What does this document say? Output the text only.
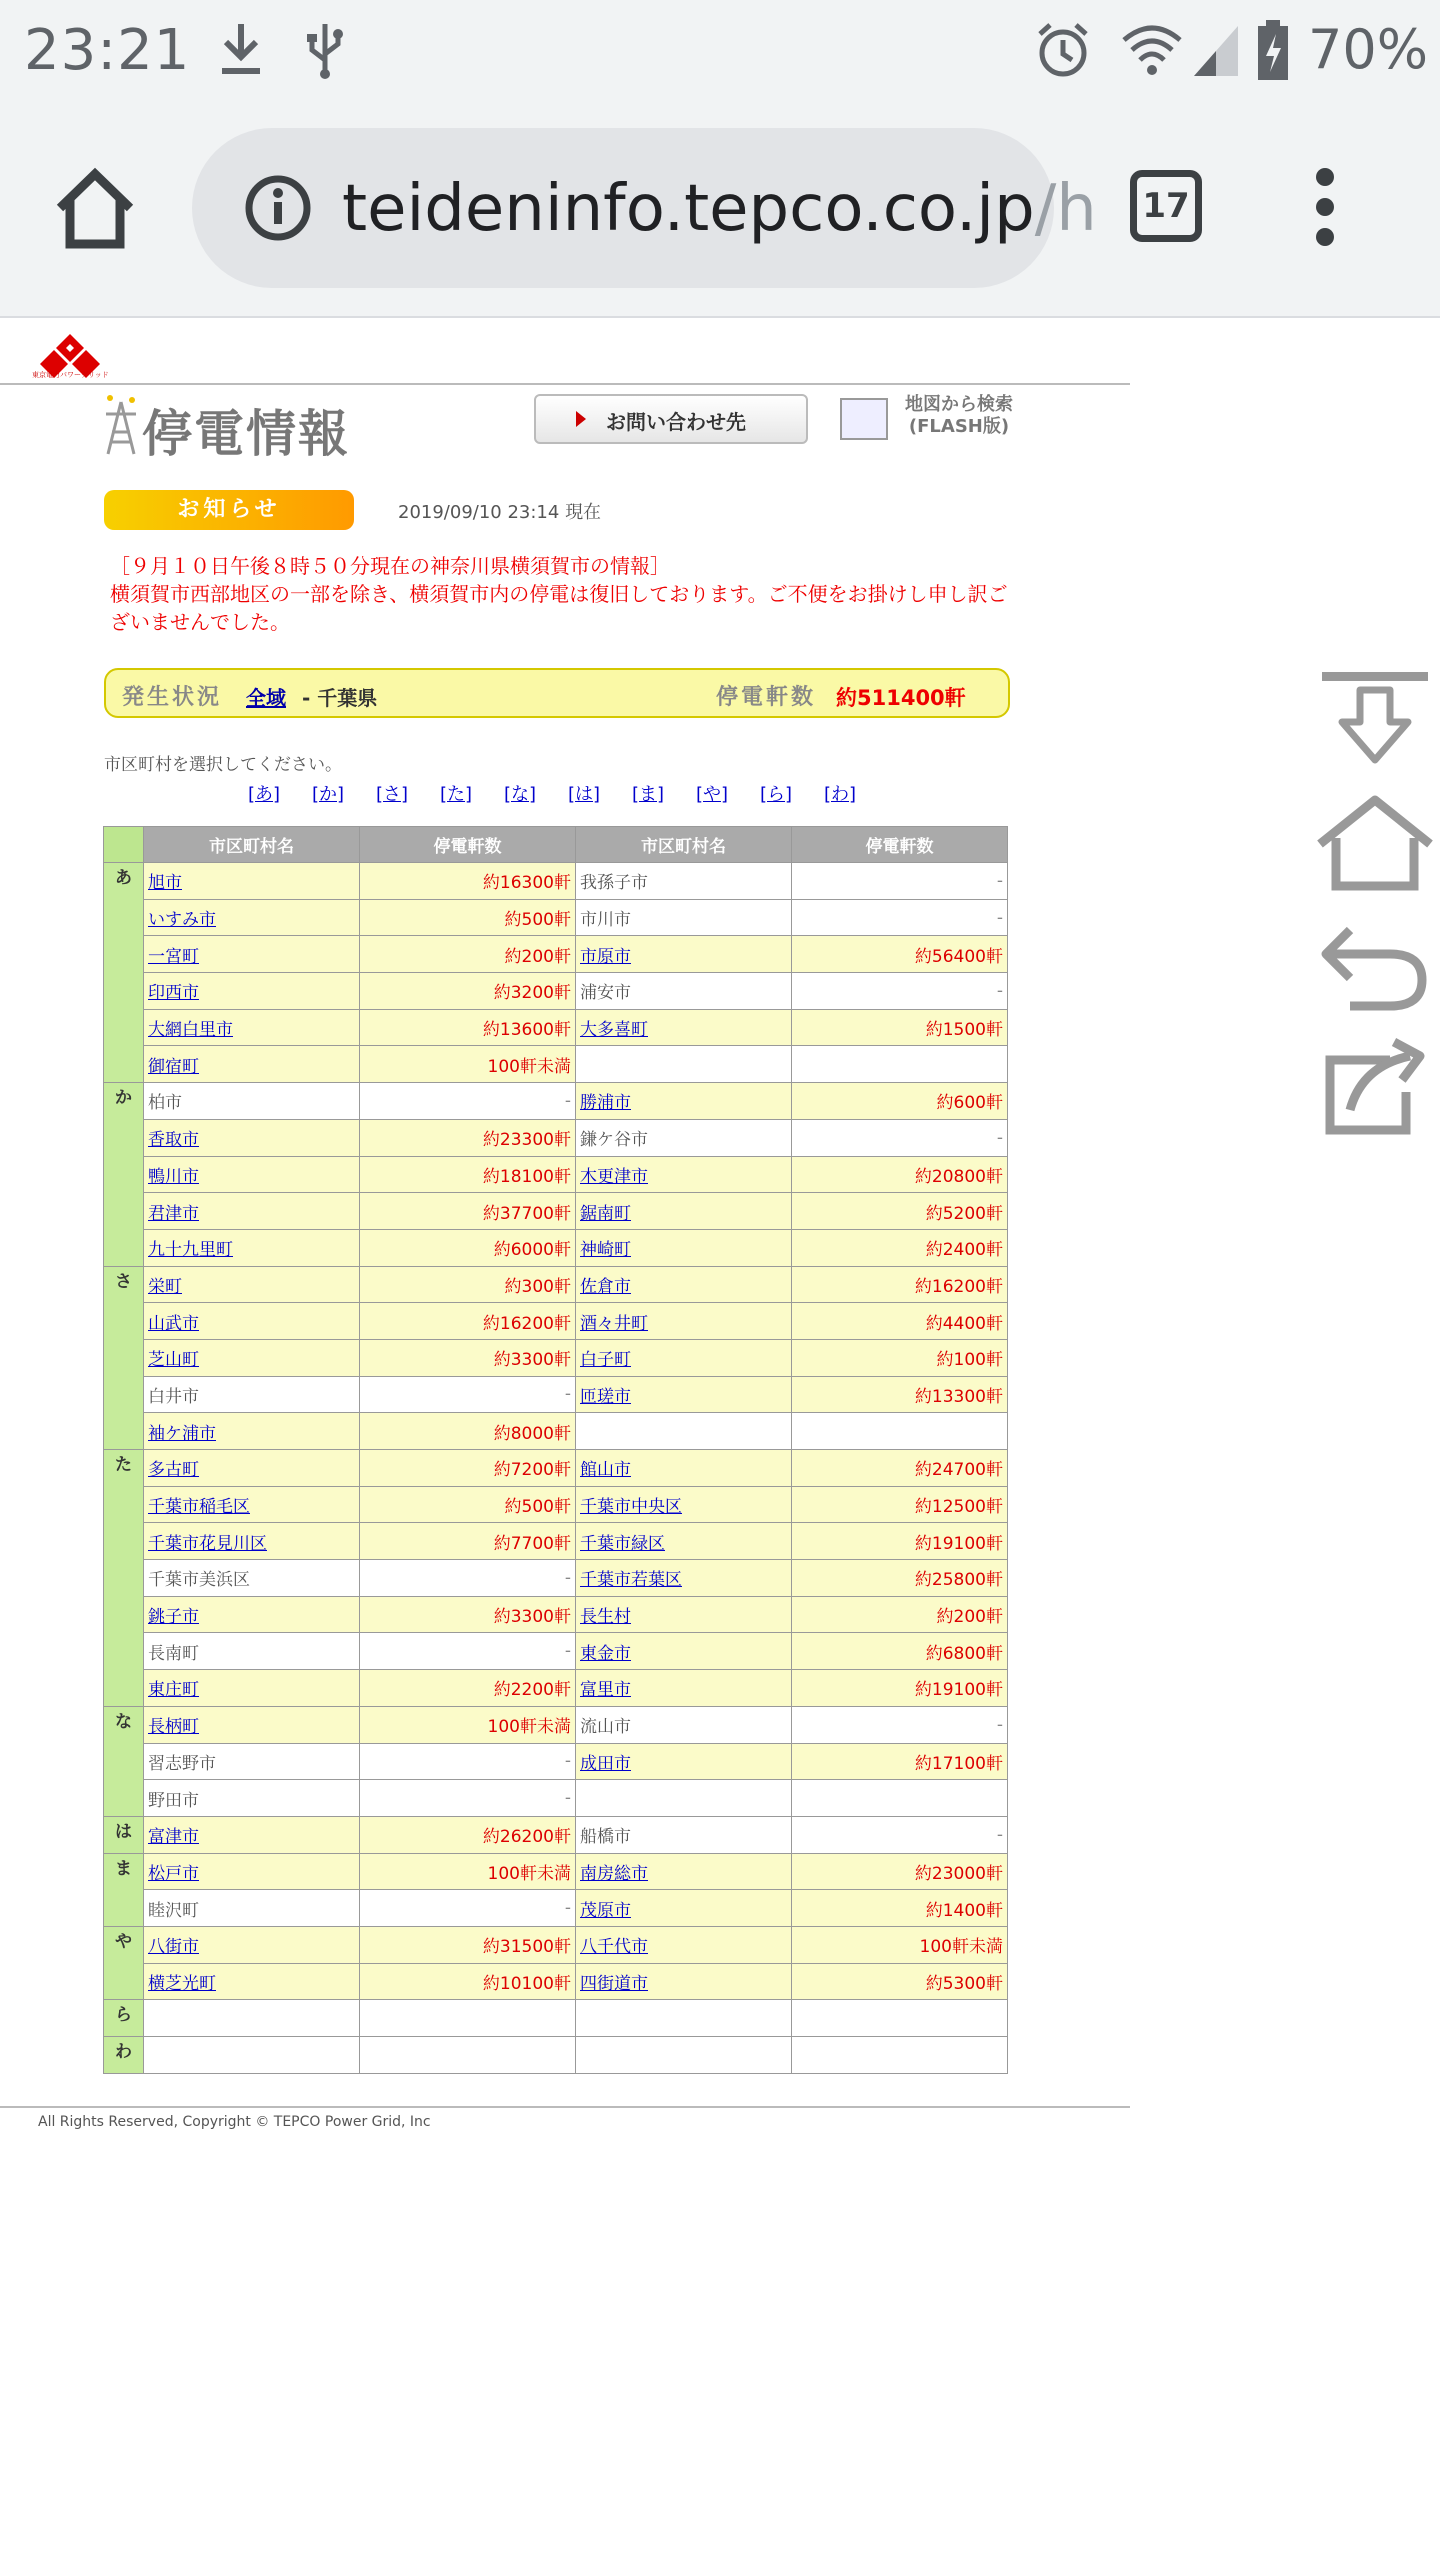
23:21	70%
teideninfo.tepco.co.jp/h	17
東京電力パワーグリッド
停電情報	お問い合わせ先
地図から検索
(FLASH版)
お知らせ	2019/09/10 23:14 現在
［９月１０日午後８時５０分現在の神奈川県横須賀市の情報］
横須賀市西部地区の一部を除き、横須賀市内の停電は復旧しております。ご不便をお掛けし申し訳ございませんでした。
発生状況 全域 - 千葉県	停電軒数 約511400軒
市区町村を選択してください。
[あ] [か] [さ] [た] [な] [は] [ま] [や] [ら] [わ]
	市区町村名	停電軒数	市区町村名	停電軒数
あ	旭市	約16300軒	我孫子市	-
	いすみ市	約500軒	市川市	-
	一宮町	約200軒	市原市	約56400軒
	印西市	約3200軒	浦安市	-
	大網白里市	約13600軒	大多喜町	約1500軒
	御宿町	100軒未満		
か	柏市	-	勝浦市	約600軒
	香取市	約23300軒	鎌ケ谷市	-
	鴨川市	約18100軒	木更津市	約20800軒
	君津市	約37700軒	鋸南町	約5200軒
	九十九里町	約6000軒	神崎町	約2400軒
さ	栄町	約300軒	佐倉市	約16200軒
	山武市	約16200軒	酒々井町	約4400軒
	芝山町	約3300軒	白子町	約100軒
	白井市	-	匝瑳市	約13300軒
	袖ケ浦市	約8000軒		
た	多古町	約7200軒	館山市	約24700軒
	千葉市稲毛区	約500軒	千葉市中央区	約12500軒
	千葉市花見川区	約7700軒	千葉市緑区	約19100軒
	千葉市美浜区	-	千葉市若葉区	約25800軒
	銚子市	約3300軒	長生村	約200軒
	長南町	-	東金市	約6800軒
	東庄町	約2200軒	富里市	約19100軒
な	長柄町	100軒未満	流山市	-
	習志野市	-	成田市	約17100軒
	野田市	-		
は	富津市	約26200軒	船橋市	-
ま	松戸市	100軒未満	南房総市	約23000軒
	睦沢町	-	茂原市	約1400軒
や	八街市	約31500軒	八千代市	100軒未満
	横芝光町	約10100軒	四街道市	約5300軒
ら				
わ				
All Rights Reserved, Copyright © TEPCO Power Grid, Inc
